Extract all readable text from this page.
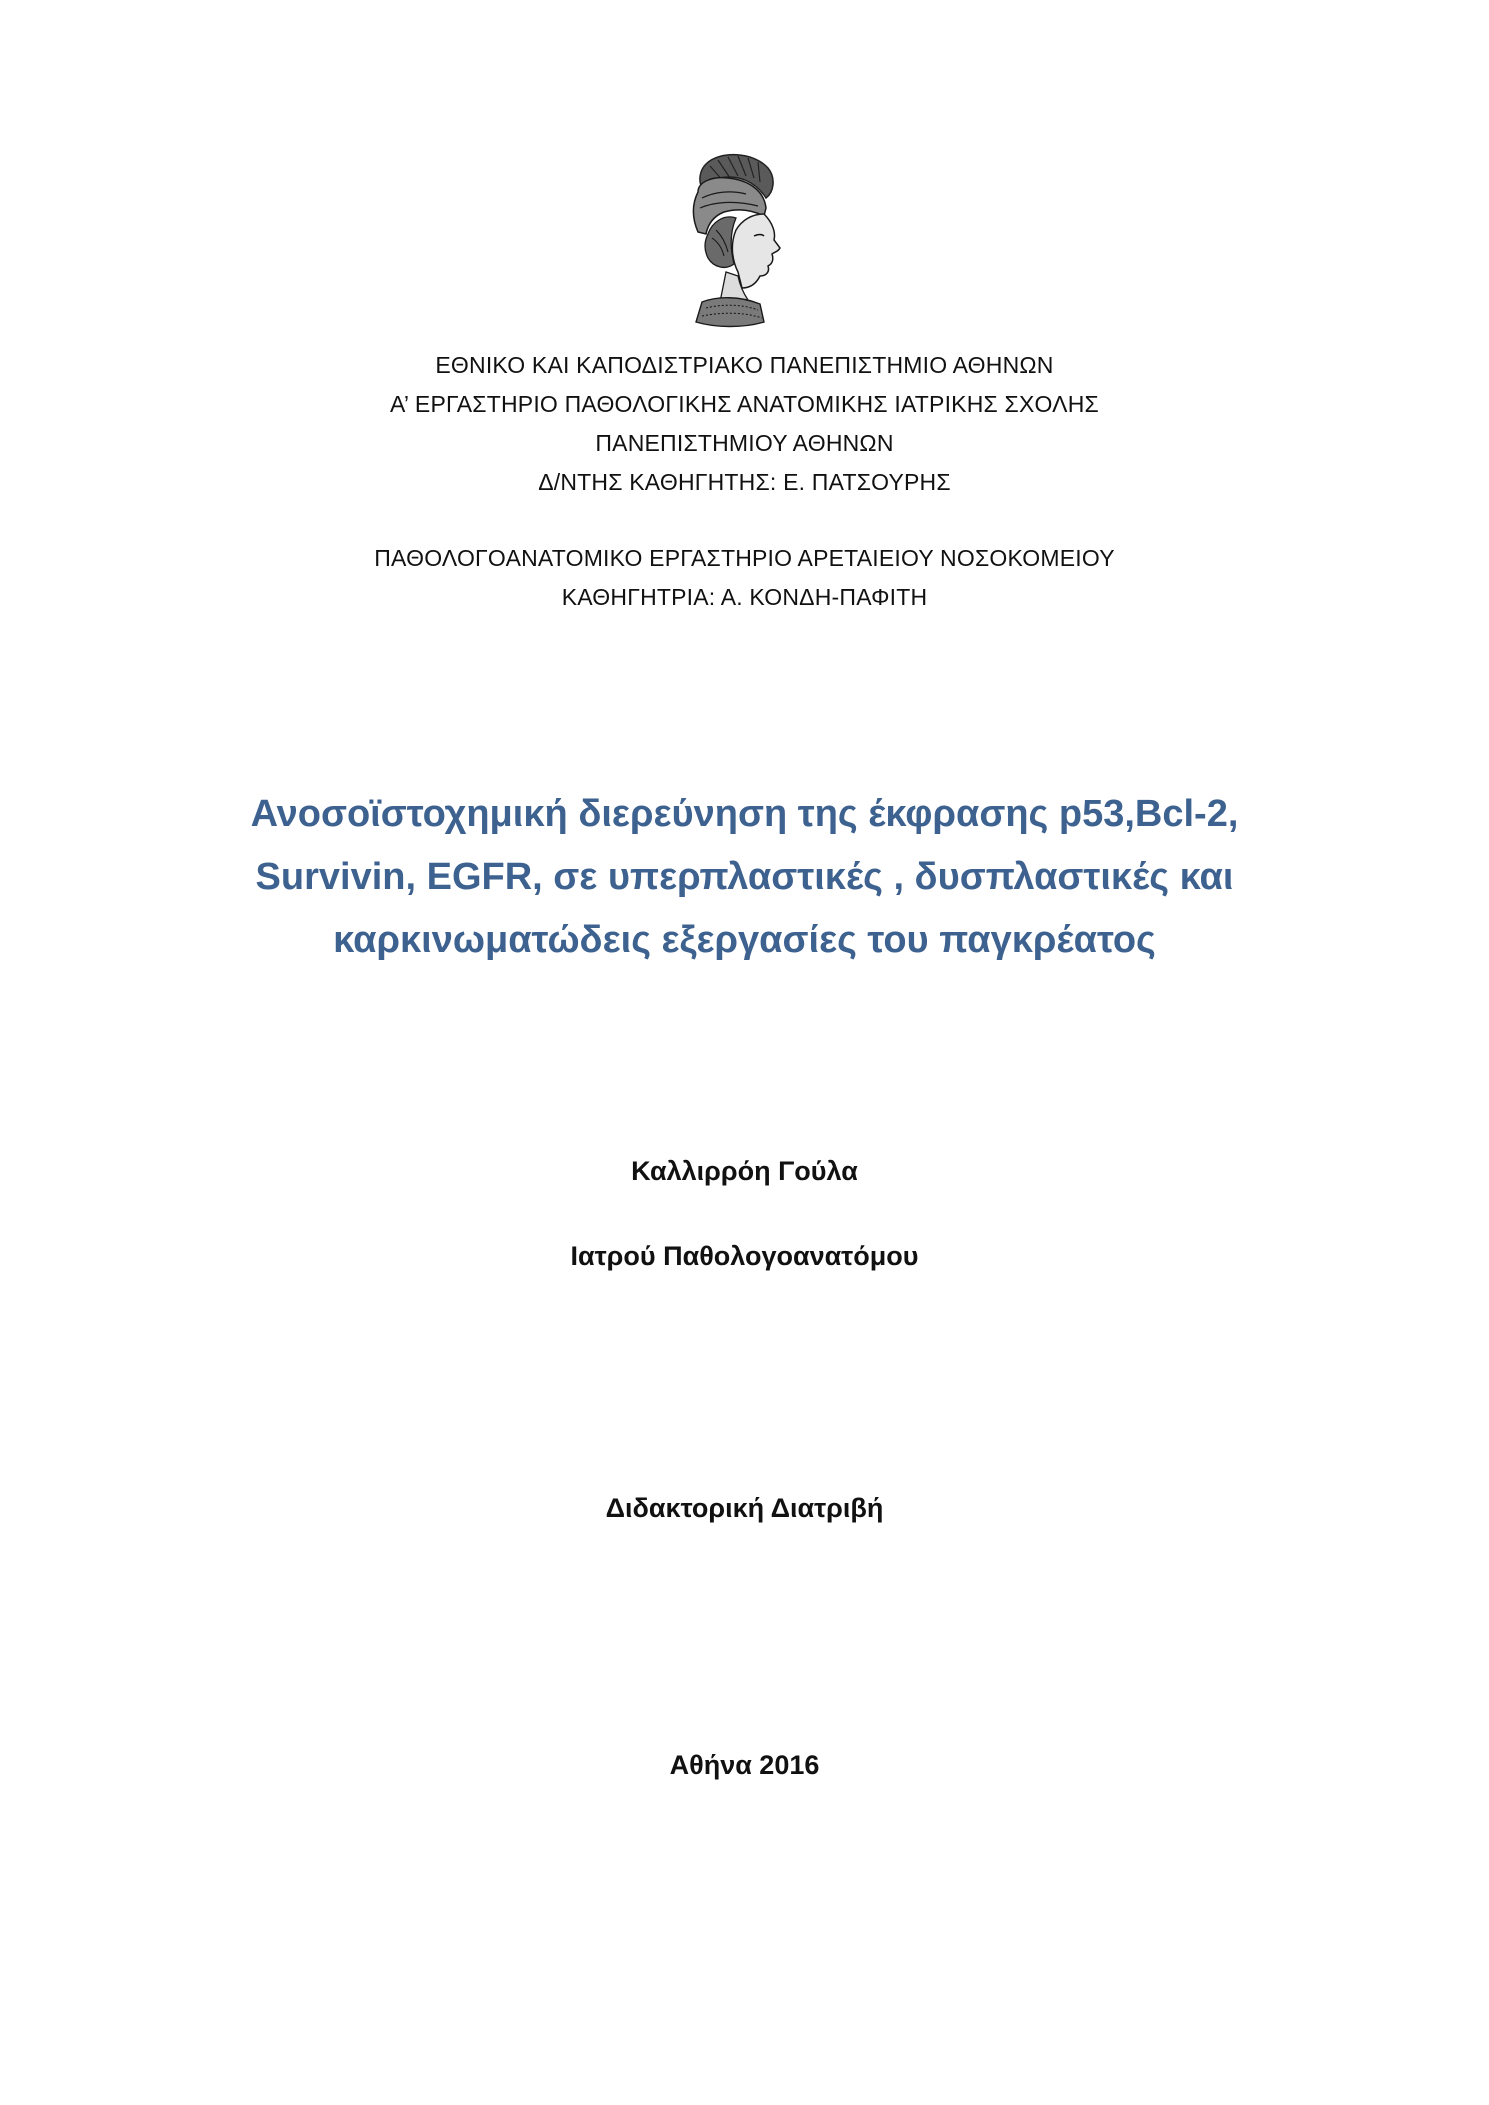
ΕΘΝΙΚΟ ΚΑΙ ΚΑΠΟΔΙΣΤΡΙΑΚΟ ΠΑΝΕΠΙΣΤΗΜΙΟ ΑΘΗΝΩΝ
Α’ ΕΡΓΑΣΤΗΡΙΟ ΠΑΘΟΛΟΓΙΚΗΣ ΑΝΑΤΟΜΙΚΗΣ ΙΑΤΡΙΚΗΣ ΣΧΟΛΗΣ
ΠΑΝΕΠΙΣΤΗΜΙΟΥ ΑΘΗΝΩΝ
Δ/ΝΤΗΣ ΚΑΘΗΓΗΤΗΣ: Ε. ΠΑΤΣΟΥΡΗΣ
ΠΑΘΟΛΟΓΟΑΝΑΤΟΜΙΚΟ ΕΡΓΑΣΤΗΡΙΟ ΑΡΕΤΑΙΕΙΟΥ ΝΟΣΟΚΟΜΕΙΟΥ
ΚΑΘΗΓΗΤΡΙΑ: Α. ΚΟΝΔΗ-ΠΑΦΙΤΗ
Ανοσοϊστοχημική διερεύνηση της έκφρασης p53,Bcl-2,
Survivin, EGFR, σε υπερπλαστικές , δυσπλαστικές και
καρκινωματώδεις εξεργασίες του παγκρέατος
Καλλιρρόη Γούλα
Ιατρού Παθολογοανατόμου
Διδακτορική Διατριβή
Αθήνα 2016
